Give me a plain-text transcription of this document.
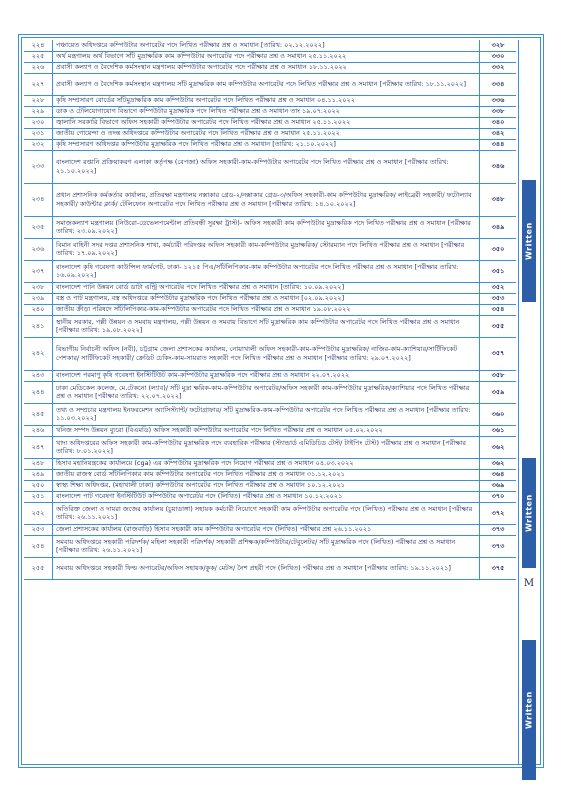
২২৪	পঞ্চায়েত অধিদপ্তরে কম্পিউটার অপারেটর পদে লিখিত পরীক্ষার প্রশ্ন ও সমাধান [তারিখ: ০২.১২.২০২২]	৩২৮
২২৫	অর্থ মন্ত্রণালয় অর্থ বিভাগে সাঁট মুদ্রাক্ষরিক কাম কম্পিউটার অপারেটর পদে পরীক্ষার প্রশ্ন ও সমাধান ২৫.১১.২০২২	৩৩০
২২৬	প্রবাসী কল্যাণ ও বৈদেশিক কর্মসংস্থান মন্ত্রণালয় কম্পিউটার অপারেটর পদে পরীক্ষার প্রশ্ন ও সমাধান ১৮.১১.২০২২	৩৩২
২২৭	প্রবাসী কল্যাণ ও বৈদেশিক কর্মসংস্থান মন্ত্রণালয় সাঁট মুদ্রাক্ষরিক কাম কম্পিউটার অপারেটর পদে লিখিত পরীক্ষার প্রশ্ন ও সমাধান [পরীক্ষার তারিখ: ১৮.১১.২০২২]	৩৩৪
২২৮	কৃষি সম্প্রসারণ বোর্ডের সাঁটমুদ্রাক্ষরিক কাম কম্পিউটার অপারেটর পদে লিখিত পরীক্ষার প্রশ্ন ও সমাধান ০৪.১১.২০২২	৩৩৬
২২৯	ডাক ও টেলিযোগাযোগ বিভাগে কম্পিউটার মুদ্রাক্ষরিক পদে লিখিত পরীক্ষার প্রশ্ন ও সমাধান তাং ১৯.০৭.২০২২	৩৩৮
২৩০	জ্বালানি সরকারি বিভাগে অফিস সহকারী কম্পিউটার অপারেটর পদে লিখিত পরীক্ষার প্রশ্ন ও সমাধান ২৫.১১.২০২২	৩৪০
২৩১	জাতীয় গোয়েন্দা ও তদন্ত অধিদপ্তরে কম্পিউটার অপারেটর পদে লিখিত পরীক্ষার প্রশ্ন ও সমাধান ২৫.১১.২০২২	৩৪২
২৩২	কৃষি সম্প্রসারণ অধিদপ্তর কম্পিউটার মুদ্রাক্ষরিক পদে লিখিত পরীক্ষার প্রশ্ন ও সমাধান [তারিখ: ২১.১০.২০২২]	৩৪৪
২৩৩	বাংলাদেশ রপ্তানি প্রক্রিয়াকরণ এলাকা কর্তৃপক্ষ (বেপজা) অফিস সহকারী-কাম-কম্পিউটার অপারেটর পদে লিখিত পরীক্ষার প্রশ্ন ও সমাধান [পরীক্ষার তারিখ: ২১.১০.২০২২]	৩৪৬
২৩৪	প্রধান প্রশাসনিক কর্মকর্তার কার্যালয়, প্রতিরক্ষা মন্ত্রণালয় নক্সাকার গ্রেড-২/নক্সাকার গ্রেড-৩/অফিস সহকারী-কাম কম্পিউটার মুদ্রাক্ষরিক/ লাইব্রেরী সহকারী/ ফটোল্যাব সহকারী/ কাউন্টার ক্লার্ক/ টেলিফোন অপারেটর পদে লিখিত পরীক্ষার প্রশ্ন ও সমাধান [পরীক্ষার তারিখ: ১৪.১০.২০২২]	৩৪৮
২৩৫	সমাজকল্যাণ মন্ত্রণালয় (নিউরো-ডেভেলপমেন্টাল প্রতিবন্ধী সুরক্ষা ট্রাস্ট)- অফিস সহকারী কাম কম্পিউটার মুদ্রাক্ষরিক পদে লিখিত পরীক্ষার প্রশ্ন ও সমাধান [পরীক্ষার তারিখ: ২৩.০৯.২০২২]	৩৪৯
২৩৬	বিমান বাহিনী সদর দপ্তর প্রশাসনিক শাখা, কর্মচারী পরিদপ্তর অফিস সহকারী কাম-কম্পিউটার মুদ্রাক্ষরিক/ স্টোরম্যান পদে লিখিত পরীক্ষার প্রশ্ন ও সমাধান [পরীক্ষার তারিখ: ১৭.০৯.২০২২]	৩৫০
২৩৭	বাংলাদেশ কৃষি গবেষণা কাউন্সিল ফার্মগেট, ঢাকা- ১২১৫ পিএ/সাঁটলিপিকার-কাম কম্পিউটার অপারেটর পদে লিখিত পরীক্ষার প্রশ্ন ও সমাধান [পরীক্ষার তারিখ: ১৬.০৯.২০২২]	৩৫১
২৩৮	বাংলাদেশ পানি উন্নয়ন বোর্ড ডাটা এন্ট্রি অপারেটর পদে লিখিত পরীক্ষার প্রশ্ন ও সমাধান [তারিখ: ১০.০৯.২০২২]	৩৫২
২৩৯	বস্ত্র ও পাট মন্ত্রণালয়, বস্ত্র অধিদপ্তরে কম্পিউটার মুদ্রাক্ষরিক পদে লিখিত পরীক্ষার প্রশ্ন ও সমাধান [০২.০৯.২০২২]	৩৫৩
২৪০	জাতীয় ক্রীড়া পরিষদে সাঁটলিপিকার-কাম-কম্পিউটার অপারেটর পদে লিখিত পরীক্ষার প্রশ্ন ও সমাধান ১৯.০৮.২০২২	৩৫৪
২৪১	স্থানীয় সরকার, পল্লী উন্নয়ন ও সমবায় মন্ত্রণালয়, পল্লী উন্নয়ন ও সমবায় বিভাগে সাঁট মুদ্রাক্ষরিক কাম কম্পিউটার অপারেটর পদে লিখিত পরীক্ষার প্রশ্ন ও সমাধান [পরীক্ষার তারিখ: ১৯.০৮.২০২২]	৩৫৫
২৪২	বিভাগীয় নির্বাচনী অফিস (নবী), চট্টগ্রাম জেলা প্রশাসকের কার্যালয়, নোয়াখালী অফিস সহকারী-কাম-কম্পিউটার মুদ্রাক্ষরিক/ নাজির-কাম-ক্যাশিয়ার/সার্টিফিকেট পেশকার/ সার্টিফিকেট সহকারী/ ক্রেডিট চেকিং-কাম-সায়রাত সহকারী পদে লিখিত পরীক্ষার প্রশ্ন ও সমাধান [পরীক্ষার তারিখ: ২৯.০৭.২০২২]	৩৫৭
২৪৩	বাংলাদেশ পরমাণু কৃষি গবেষণা ইনস্টিটিউট কাম-কম্পিউটার মুদ্রাক্ষরিক পদে পরীক্ষার প্রশ্ন ও সমাধান ২২.০৭.২০২২	৩৫৮
২৪৪	ঢাকা মেডিকেল কলেজ, মে.টেকনো (ল্যাব)/ সাঁট মুদ্রা ক্ষরিক-কাম-কম্পিউটার অপারেটর/অফিস সহকারী কাম-কম্পিউটার মুদ্রাক্ষরিক/ক্যাশিয়ার পদে লিখিত পরীক্ষার প্রশ্ন ও সমাধান [পরীক্ষার তারিখ: ২২.০৭.২০২২]	৩৫৯
২৪৫	তথ্য ও সম্প্রচার মন্ত্রণালয় ইনফরমেশন অ্যাসিস্ট্যান্ট/ ফটোগ্রাফার/ সাঁট মুদ্রাক্ষরিক-কাম-কম্পিউটার অপারেটর পদে লিখিত পরীক্ষার প্রশ্ন ও সমাধান [পরীক্ষার তারিখ: ১১.০৩.২০২২]	৩৬০
২৪৬	খনিজ সম্পদ উন্নয়ন ব্যুরো (বিএমডি) অফিস সহকারী কম্পিউটার অপারেটর পদে লিখিত পরীক্ষার প্রশ্ন ও সমাধান ০৫.০২.২০২২	৩৬১
২৪৭	খাদ্য অধিদপ্তরের অফিস সহকারী কাম-কম্পিউটার মুদ্রাক্ষরিক পদে ব্যবহারিক পরীক্ষার (স্ট্যান্ডার্ড এমিডিচিড টেস্ট/ টাইপিং টেস্ট) পরীক্ষার প্রশ্ন ও সমাধান [পরীক্ষার তারিখ: ৮.০১.২০২২]	৩৬২
২৪৮	হিসাব মহানিয়ন্ত্রকের কার্যালয়ে (cga) এর কম্পিউটার মুদ্রাক্ষরিক পদে নিয়োগ পরীক্ষার প্রশ্ন ও সমাধান ০৪.০৩.২০২২	৩৬২
২৪৯	জাতীয় রাজস্ব বোর্ড সাঁটলিপিকার কাম কম্পিউটার অপারেটর পদে লিখিত পরীক্ষার প্রশ্ন ও সমাধান ৩১.১২.২০২১	৩৬৪
২৫০	স্বাস্থ্য শিক্ষা অধিদপ্তর, (মহাখালী ঢাকা) কম্পিউটার অপারেটর পদে লিখিত পরীক্ষার প্রশ্ন ও সমাধান ১০.১২.২০২১	৩৬৯
২৫১	বাংলাদেশ পাট গবেষণা ইনস্টিটিউট কম্পিউটার অপারেটর পদে (লিখিত) পরীক্ষার প্রশ্ন ও সমাধান ১০.১২.২০২১	৩৭০
২৫২	অতিরিক্ত জেলা ও দায়রা জজের কার্যালয় (চুয়াডাঙ্গা) সহায়ক কর্মচারী নিয়োগে সহকারী কাম কম্পিউটার অপারেটর পদে (লিখিত) পরীক্ষার প্রশ্ন ও সমাধান [পরীক্ষার তারিখ: ২৬.১১.২০২১]	৩৭২
২৫৩	জেলা প্রশাসকের কার্যালয় (রাজবাড়ি) হিসাব সহকারী কাম কম্পিউটার অপারেটর পদে (লিখিত) পরীক্ষার প্রশ্ন ২৬.১১.২০২১	৩৭৩
২৫৪	সমবায় অধিদপ্তরে সহকারী পরিদর্শক/ মহিলা সহকারী পরিদর্শক/ সহকারী প্রশিক্ষক/কম্পিউটার/টেবুলেটর/ সাঁট মুদ্রাক্ষরিক পদে (লিখিত) পরীক্ষার প্রশ্ন ও সমাধান [পরীক্ষার তারিখ: ২৬.১১.২০২১]	৩৭৩
২৫৫	সমবায় অধিদপ্তরে সহকারী ফিল্ড অপারেটর/অফিস সহায়ক/কুক/ মেটস/ নৈশ প্রহরী পদে (লিখিত) পরীক্ষার প্রশ্ন ও সমাধান [পরীক্ষার তারিখ: ১৯.১১.২০২১]	৩৭৫
Written
Written
M
Written
